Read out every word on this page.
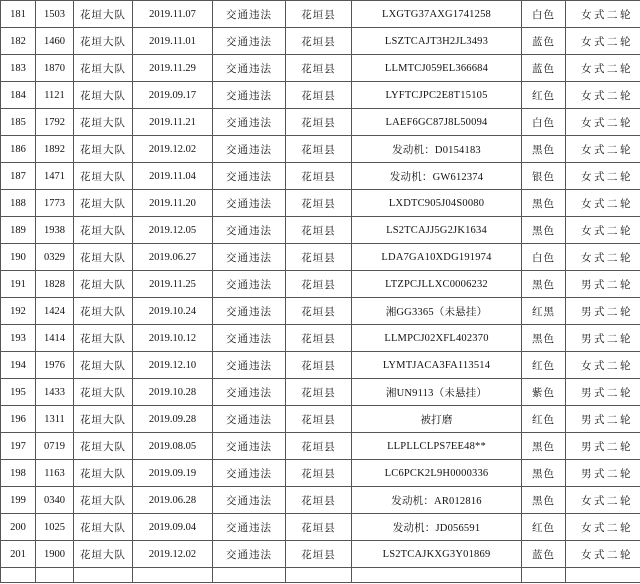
181	1503	花垣大队	2019.11.07	交通违法	花垣县	LXGTG37AXG1741258	白色	女式二轮	
182	1460	花垣大队	2019.11.01	交通违法	花垣县	LSZTCAJT3H2JL3493	蓝色	女式二轮	
183	1870	花垣大队	2019.11.29	交通违法	花垣县	LLMTCJ059EL366684	蓝色	女式二轮	
184	1121	花垣大队	2019.09.17	交通违法	花垣县	LYFTCJPC2E8T15105	红色	女式二轮	
185	1792	花垣大队	2019.11.21	交通违法	花垣县	LAEF6GC87J8L50094	白色	女式二轮	
186	1892	花垣大队	2019.12.02	交通违法	花垣县	发动机：D0154183	黑色	女式二轮	
187	1471	花垣大队	2019.11.04	交通违法	花垣县	发动机：GW612374	银色	女式二轮	
188	1773	花垣大队	2019.11.20	交通违法	花垣县	LXDTC905J04S0080	黑色	女式二轮	
189	1938	花垣大队	2019.12.05	交通违法	花垣县	LS2TCAJJ5G2JK1634	黑色	女式二轮	
190	0329	花垣大队	2019.06.27	交通违法	花垣县	LDA7GA10XDG191974	白色	女式二轮	
191	1828	花垣大队	2019.11.25	交通违法	花垣县	LTZPCJLLXC0006232	黑色	男式二轮	
192	1424	花垣大队	2019.10.24	交通违法	花垣县	湘GG3365（未悬挂）	红黑	男式二轮	
193	1414	花垣大队	2019.10.12	交通违法	花垣县	LLMPCJ02XFL402370	黑色	男式二轮	
194	1976	花垣大队	2019.12.10	交通违法	花垣县	LYMTJACA3FA113514	红色	女式二轮	
195	1433	花垣大队	2019.10.28	交通违法	花垣县	湘UN9113（未悬挂）	紫色	男式二轮	
196	1311	花垣大队	2019.09.28	交通违法	花垣县	被打磨	红色	男式二轮	
197	0719	花垣大队	2019.08.05	交通违法	花垣县	LLPLLCLPS7EE48**	黑色	男式二轮	
198	1163	花垣大队	2019.09.19	交通违法	花垣县	LC6PCK2L9H0000336	黑色	男式二轮	
199	0340	花垣大队	2019.06.28	交通违法	花垣县	发动机：AR012816	黑色	女式二轮	
200	1025	花垣大队	2019.09.04	交通违法	花垣县	发动机：JD056591	红色	女式二轮	
201	1900	花垣大队	2019.12.02	交通违法	花垣县	LS2TCAJKXG3Y01869	蓝色	女式二轮	
